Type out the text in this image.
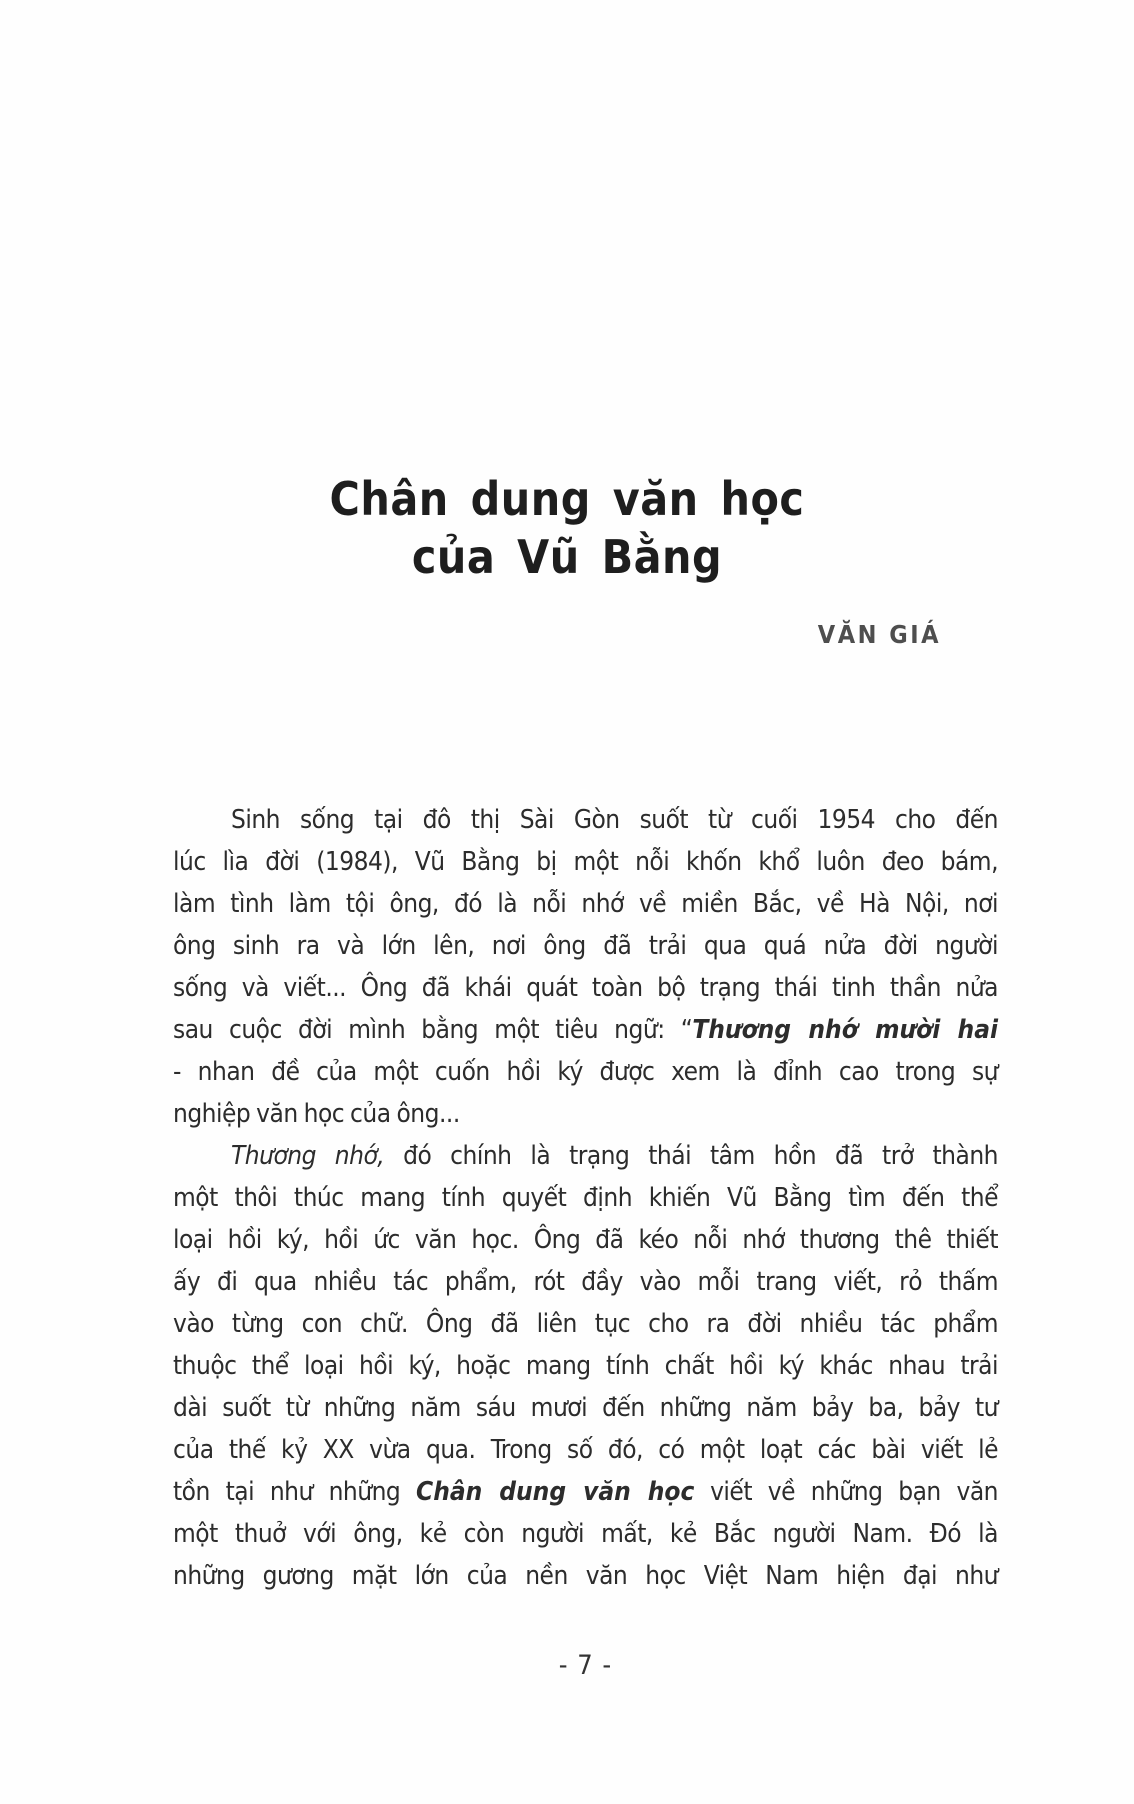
Chân dung văn học
của Vũ Bằng
VĂN GIÁ
Sinh sống tại đô thị Sài Gòn suốt từ cuối 1954 cho đến
lúc lìa đời (1984), Vũ Bằng bị một nỗi khốn khổ luôn đeo bám,
làm tình làm tội ông, đó là nỗi nhớ về miền Bắc, về Hà Nội, nơi
ông sinh ra và lớn lên, nơi ông đã trải qua quá nửa đời người
sống và viết... Ông đã khái quát toàn bộ trạng thái tinh thần nửa
sau cuộc đời mình bằng một tiêu ngữ: “Thương nhớ mười hai
- nhan đề của một cuốn hồi ký được xem là đỉnh cao trong sự
nghiệp văn học của ông...
Thương nhớ, đó chính là trạng thái tâm hồn đã trở thành
một thôi thúc mang tính quyết định khiến Vũ Bằng tìm đến thể
loại hồi ký, hồi ức văn học. Ông đã kéo nỗi nhớ thương thê thiết
ấy đi qua nhiều tác phẩm, rót đầy vào mỗi trang viết, rỏ thấm
vào từng con chữ. Ông đã liên tục cho ra đời nhiều tác phẩm
thuộc thể loại hồi ký, hoặc mang tính chất hồi ký khác nhau trải
dài suốt từ những năm sáu mươi đến những năm bảy ba, bảy tư
của thế kỷ XX vừa qua. Trong số đó, có một loạt các bài viết lẻ
tồn tại như những Chân dung văn học viết về những bạn văn
một thuở với ông, kẻ còn người mất, kẻ Bắc người Nam. Đó là
những gương mặt lớn của nền văn học Việt Nam hiện đại như
- 7 -
